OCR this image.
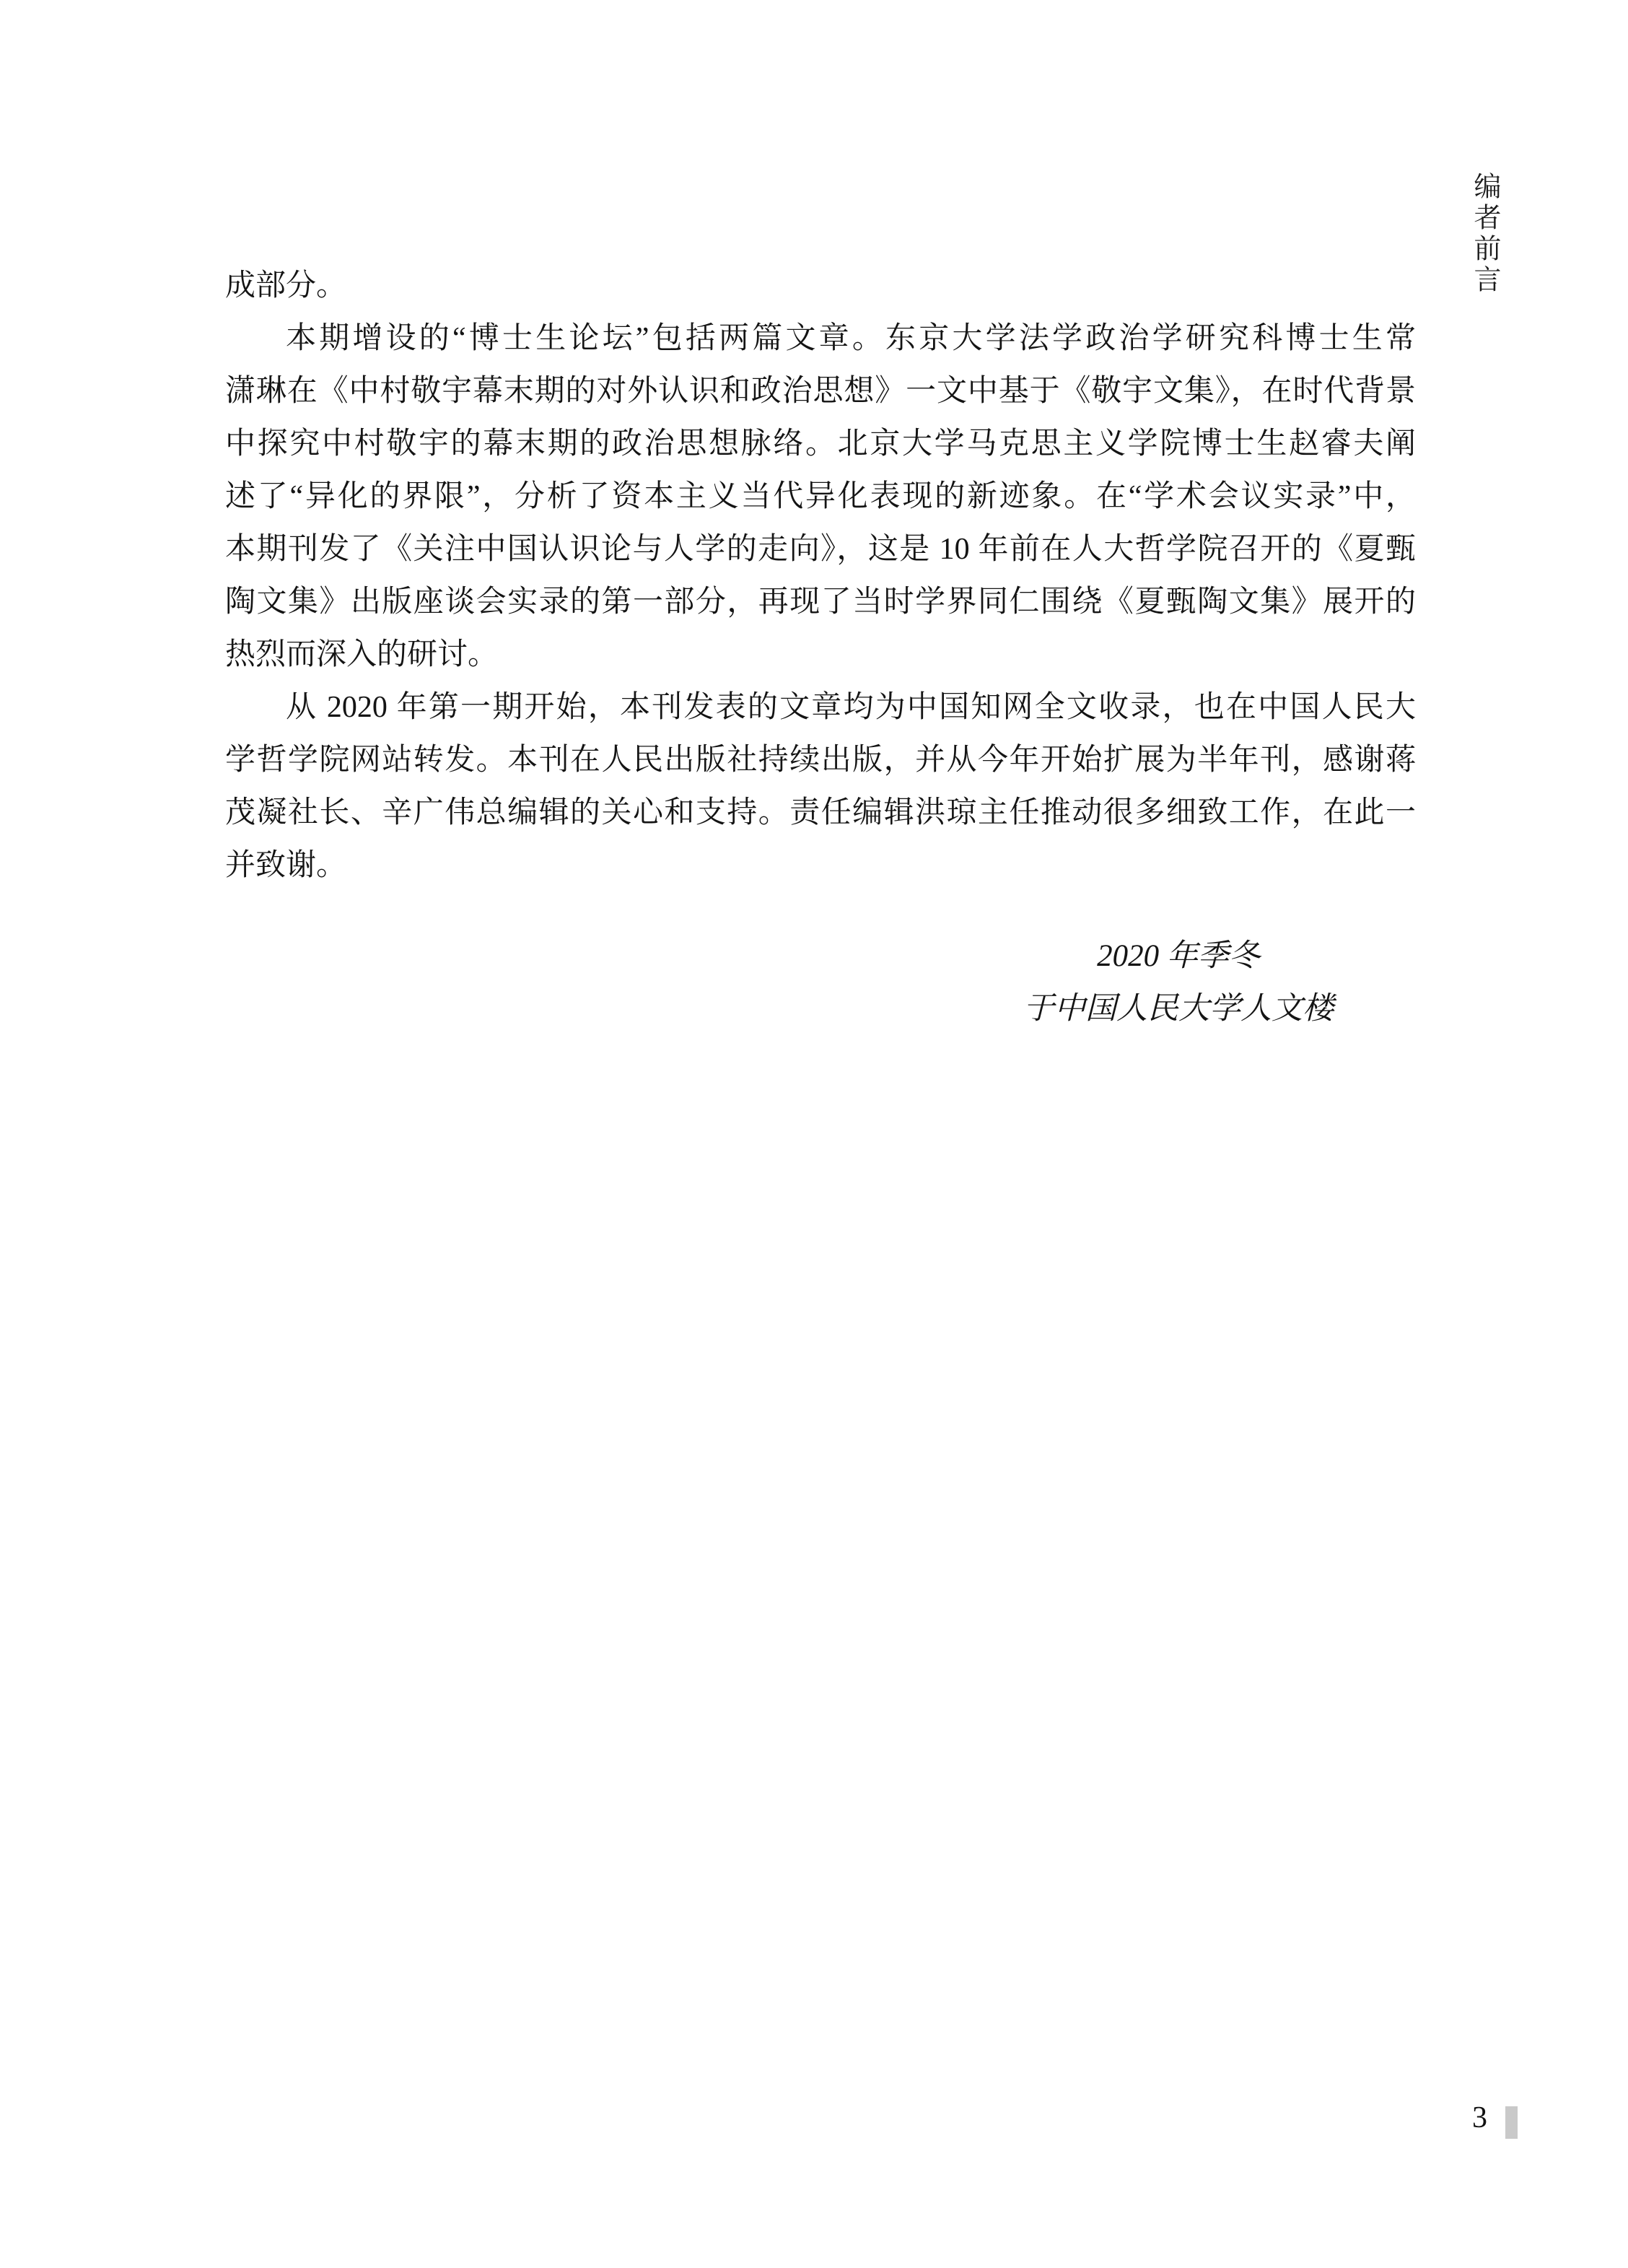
编者前言
成部分。
本期增设的“博士生论坛”包括两篇文章。东京大学法学政治学研究科博士生常
潇琳在《中村敬宇幕末期的对外认识和政治思想》一文中基于《敬宇文集》，在时代背景
中探究中村敬宇的幕末期的政治思想脉络。北京大学马克思主义学院博士生赵睿夫阐
述了“异化的界限”，分析了资本主义当代异化表现的新迹象。在“学术会议实录”中，
本期刊发了《关注中国认识论与人学的走向》，这是 10 年前在人大哲学院召开的《夏甄
陶文集》出版座谈会实录的第一部分，再现了当时学界同仁围绕《夏甄陶文集》展开的
热烈而深入的研讨。
从 2020 年第一期开始，本刊发表的文章均为中国知网全文收录，也在中国人民大
学哲学院网站转发。本刊在人民出版社持续出版，并从今年开始扩展为半年刊，感谢蒋
茂凝社长、辛广伟总编辑的关心和支持。责任编辑洪琼主任推动很多细致工作，在此一
并致谢。
2020 年季冬
于中国人民大学人文楼
3
